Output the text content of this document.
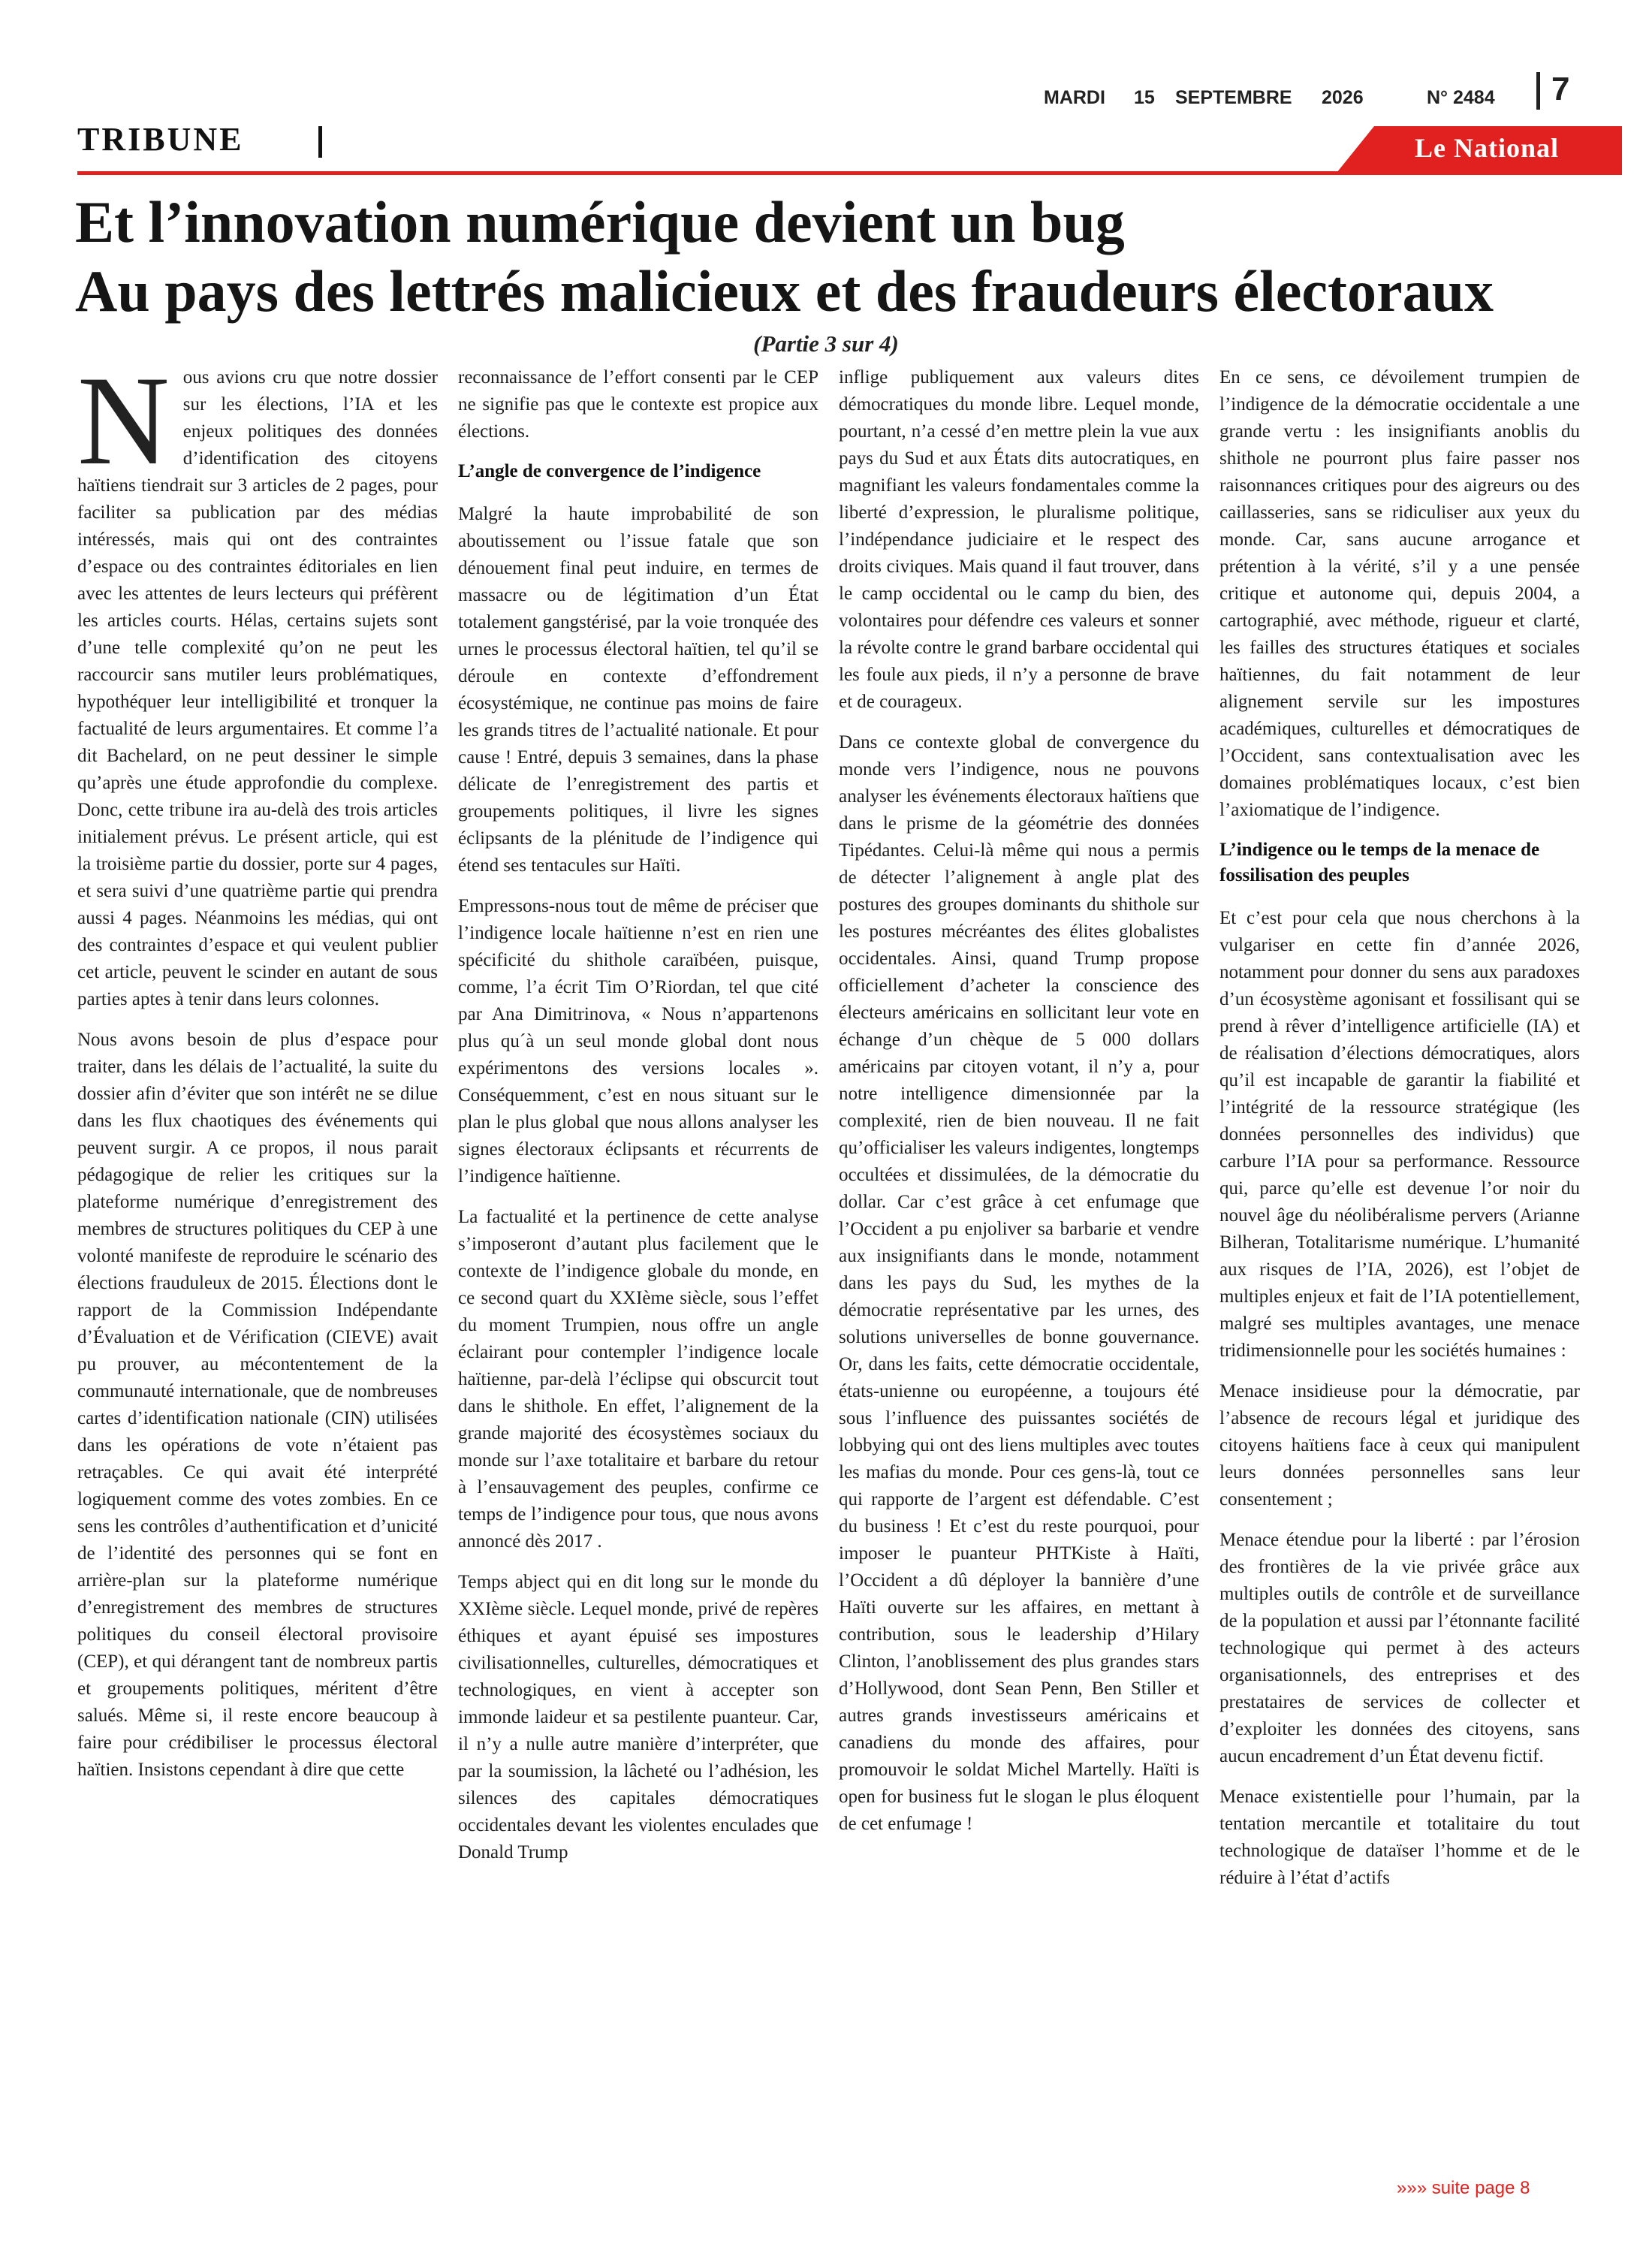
MARDI 15 SEPTEMBRE 2026	N° 2484 7
TRIBUNE	Le National
Et l’innovation numérique devient un bug
Au pays des lettrés malicieux et des fraudeurs électoraux
(Partie 3 sur 4)

Nous avions cru que notre dossier sur les élections, l’IA et les enjeux politiques des données d’identification des citoyens haïtiens tiendrait sur 3 articles de 2 pages, pour faciliter sa publication par des médias intéressés, mais qui ont des contraintes d’espace ou des contraintes éditoriales en lien avec les attentes de leurs lecteurs qui préfèrent les articles courts. Hélas, certains sujets sont d’une telle complexité qu’on ne peut les raccourcir sans mutiler leurs problématiques, hypothéquer leur intelligibilité et tronquer la factualité de leurs argumentaires. Et comme l’a dit Bachelard, on ne peut dessiner le simple qu’après une étude approfondie du complexe. Donc, cette tribune ira au-delà des trois articles initialement prévus. Le présent article, qui est la troisième partie du dossier, porte sur 4 pages, et sera suivi d’une quatrième partie qui prendra aussi 4 pages. Néanmoins les médias, qui ont des contraintes d’espace et qui veulent publier cet article, peuvent le scinder en autant de sous parties aptes à tenir dans leurs colonnes.

Nous avons besoin de plus d’espace pour traiter, dans les délais de l’actualité, la suite du dossier afin d’éviter que son intérêt ne se dilue dans les flux chaotiques des événements qui peuvent surgir. A ce propos, il nous parait pédagogique de relier les critiques sur la plateforme numérique d’enregistrement des membres de structures politiques du CEP à une volonté manifeste de reproduire le scénario des élections frauduleux de 2015. Élections dont le rapport de la Commission Indépendante d’Évaluation et de Vérification (CIEVE) avait pu prouver, au mécontentement de la communauté internationale, que de nombreuses cartes d’identification nationale (CIN) utilisées dans les opérations de vote n’étaient pas retraçables. Ce qui avait été interprété logiquement comme des votes zombies. En ce sens les contrôles d’authentification et d’unicité de l’identité des personnes qui se font en arrière-plan sur la plateforme numérique d’enregistrement des membres de structures politiques du conseil électoral provisoire (CEP), et qui dérangent tant de nombreux partis et groupements politiques, méritent d’être salués. Même si, il reste encore beaucoup à faire pour crédibiliser le processus électoral haïtien. Insistons cependant à dire que cette

reconnaissance de l’effort consenti par le CEP ne signifie pas que le contexte est propice aux élections.

L’angle de convergence de l’indigence

Malgré la haute improbabilité de son aboutissement ou l’issue fatale que son dénouement final peut induire, en termes de massacre ou de légitimation d’un État totalement gangstérisé, par la voie tronquée des urnes le processus électoral haïtien, tel qu’il se déroule en contexte d’effondrement écosystémique, ne continue pas moins de faire les grands titres de l’actualité nationale. Et pour cause ! Entré, depuis 3 semaines, dans la phase délicate de l’enregistrement des partis et groupements politiques, il livre les signes éclipsants de la plénitude de l’indigence qui étend ses tentacules sur Haïti.

Empressons-nous tout de même de préciser que l’indigence locale haïtienne n’est en rien une spécificité du shithole caraïbéen, puisque, comme, l’a écrit Tim O’Riordan, tel que cité par Ana Dimitrinova, « Nous n’appartenons plus qu´à un seul monde global dont nous expérimentons des versions locales ». Conséquemment, c’est en nous situant sur le plan le plus global que nous allons analyser les signes électoraux éclipsants et récurrents de l’indigence haïtienne.

La factualité et la pertinence de cette analyse s’imposeront d’autant plus facilement que le contexte de l’indigence globale du monde, en ce second quart du XXIème siècle, sous l’effet du moment Trumpien, nous offre un angle éclairant pour contempler l’indigence locale haïtienne, par-delà l’éclipse qui obscurcit tout dans le shithole. En effet, l’alignement de la grande majorité des écosystèmes sociaux du monde sur l’axe totalitaire et barbare du retour à l’ensauvagement des peuples, confirme ce temps de l’indigence pour tous, que nous avons annoncé dès 2017 .

Temps abject qui en dit long sur le monde du XXIème siècle. Lequel monde, privé de repères éthiques et ayant épuisé ses impostures civilisationnelles, culturelles, démocratiques et technologiques, en vient à accepter son immonde laideur et sa pestilente puanteur. Car, il n’y a nulle autre manière d’interpréter, que par la soumission, la lâcheté ou l’adhésion, les silences des capitales démocratiques occidentales devant les violentes enculades que Donald Trump

inflige publiquement aux valeurs dites démocratiques du monde libre. Lequel monde, pourtant, n’a cessé d’en mettre plein la vue aux pays du Sud et aux États dits autocratiques, en magnifiant les valeurs fondamentales comme la liberté d’expression, le pluralisme politique, l’indépendance judiciaire et le respect des droits civiques. Mais quand il faut trouver, dans le camp occidental ou le camp du bien, des volontaires pour défendre ces valeurs et sonner la révolte contre le grand barbare occidental qui les foule aux pieds, il n’y a personne de brave et de courageux.

Dans ce contexte global de convergence du monde vers l’indigence, nous ne pouvons analyser les événements électoraux haïtiens que dans le prisme de la géométrie des données Tipédantes. Celui-là même qui nous a permis de détecter l’alignement à angle plat des postures des groupes dominants du shithole sur les postures mécréantes des élites globalistes occidentales. Ainsi, quand Trump propose officiellement d’acheter la conscience des électeurs américains en sollicitant leur vote en échange d’un chèque de 5 000 dollars américains par citoyen votant, il n’y a, pour notre intelligence dimensionnée par la complexité, rien de bien nouveau. Il ne fait qu’officialiser les valeurs indigentes, longtemps occultées et dissimulées, de la démocratie du dollar. Car c’est grâce à cet enfumage que l’Occident a pu enjoliver sa barbarie et vendre aux insignifiants dans le monde, notamment dans les pays du Sud, les mythes de la démocratie représentative par les urnes, des solutions universelles de bonne gouvernance. Or, dans les faits, cette démocratie occidentale, états-unienne ou européenne, a toujours été sous l’influence des puissantes sociétés de lobbying qui ont des liens multiples avec toutes les mafias du monde. Pour ces gens-là, tout ce qui rapporte de l’argent est défendable. C’est du business ! Et c’est du reste pourquoi, pour imposer le puanteur PHTKiste à Haïti, l’Occident a dû déployer la bannière d’une Haïti ouverte sur les affaires, en mettant à contribution, sous le leadership d’Hilary Clinton, l’anoblissement des plus grandes stars d’Hollywood, dont Sean Penn, Ben Stiller et autres grands investisseurs américains et canadiens du monde des affaires, pour promouvoir le soldat Michel Martelly. Haïti is open for business fut le slogan le plus éloquent de cet enfumage !

En ce sens, ce dévoilement trumpien de l’indigence de la démocratie occidentale a une grande vertu : les insignifiants anoblis du shithole ne pourront plus faire passer nos raisonnances critiques pour des aigreurs ou des caillasseries, sans se ridiculiser aux yeux du monde. Car, sans aucune arrogance et prétention à la vérité, s’il y a une pensée critique et autonome qui, depuis 2004, a cartographié, avec méthode, rigueur et clarté, les failles des structures étatiques et sociales haïtiennes, du fait notamment de leur alignement servile sur les impostures académiques, culturelles et démocratiques de l’Occident, sans contextualisation avec les domaines problématiques locaux, c’est bien l’axiomatique de l’indigence.

L’indigence ou le temps de la menace de fossilisation des peuples

Et c’est pour cela que nous cherchons à la vulgariser en cette fin d’année 2026, notamment pour donner du sens aux paradoxes d’un écosystème agonisant et fossilisant qui se prend à rêver d’intelligence artificielle (IA) et de réalisation d’élections démocratiques, alors qu’il est incapable de garantir la fiabilité et l’intégrité de la ressource stratégique (les données personnelles des individus) que carbure l’IA pour sa performance. Ressource qui, parce qu’elle est devenue l’or noir du nouvel âge du néolibéralisme pervers (Arianne Bilheran, Totalitarisme numérique. L’humanité aux risques de l’IA, 2026), est l’objet de multiples enjeux et fait de l’IA potentiellement, malgré ses multiples avantages, une menace tridimensionnelle pour les sociétés humaines :

Menace insidieuse pour la démocratie, par l’absence de recours légal et juridique des citoyens haïtiens face à ceux qui manipulent leurs données personnelles sans leur consentement ;

Menace étendue pour la liberté : par l’érosion des frontières de la vie privée grâce aux multiples outils de contrôle et de surveillance de la population et aussi par l’étonnante facilité technologique qui permet à des acteurs organisationnels, des entreprises et des prestataires de services de collecter et d’exploiter les données des citoyens, sans aucun encadrement d’un État devenu fictif.

Menace existentielle pour l’humain, par la tentation mercantile et totalitaire du tout technologique de dataïser l’homme et de le réduire à l’état d’actifs

»»» suite page 8
